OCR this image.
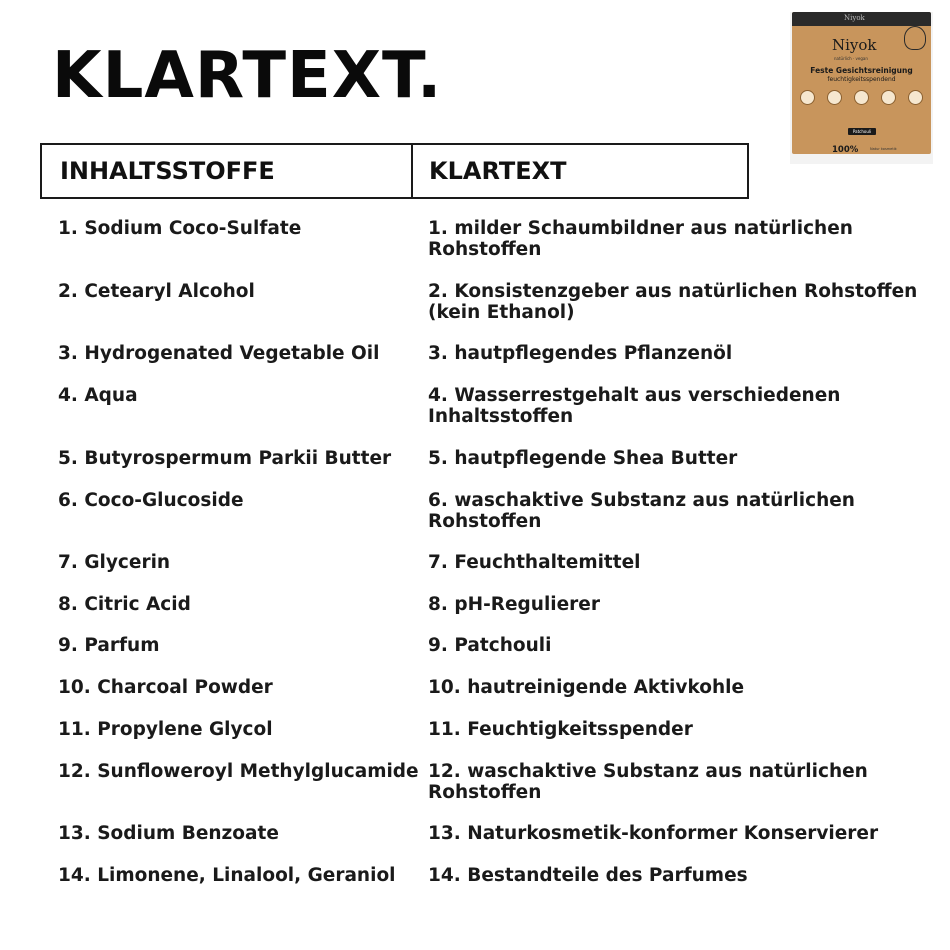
KLARTEXT.
Niyok
Niyok
natürlich · vegan
Feste Gesichtsreinigung
feuchtigkeitsspendend
Patchouli
100%	Natur kosmetik
INHALTSSTOFFE	KLARTEXT
1. Sodium Coco-Sulfate	1. milder Schaumbildner aus natürlichen Rohstoffen
2. Cetearyl Alcohol	2. Konsistenzgeber aus natürlichen Rohstoffen (kein Ethanol)
3. Hydrogenated Vegetable Oil	3. hautpflegendes Pflanzenöl
4. Aqua	4. Wasserrestgehalt aus verschiedenen Inhaltsstoffen
5. Butyrospermum Parkii Butter	5. hautpflegende Shea Butter
6. Coco-Glucoside	6. waschaktive Substanz aus natürlichen Rohstoffen
7. Glycerin	7. Feuchthaltemittel
8. Citric Acid	8. pH-Regulierer
9. Parfum	9. Patchouli
10. Charcoal Powder	10. hautreinigende Aktivkohle
11. Propylene Glycol	11. Feuchtigkeitsspender
12. Sunfloweroyl Methylglucamide 12. waschaktive Substanz aus natürlichen Rohstoffen
13. Sodium Benzoate	13. Naturkosmetik-konformer Konservierer
14. Limonene, Linalool, Geraniol	14. Bestandteile des Parfumes
